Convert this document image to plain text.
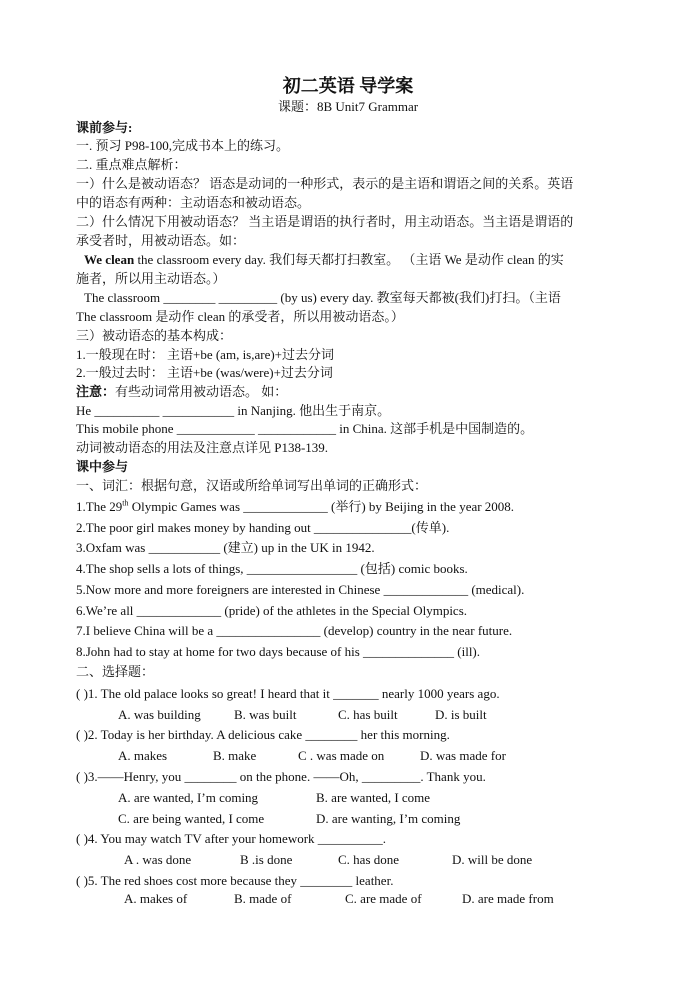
初二英语 导学案
课题：8B Unit7 Grammar
课前参与:
一. 预习 P98-100,完成书本上的练习。
二. 重点难点解析：
一）什么是被动语态？ 语态是动词的一种形式，表示的是主语和谓语之间的关系。英语
中的语态有两种：主动语态和被动语态。
二）什么情况下用被动语态？ 当主语是谓语的执行者时，用主动语态。当主语是谓语的
承受者时，用被动语态。如：
We clean the classroom every day. 我们每天都打扫教室。 （主语 We 是动作 clean 的实
施者，所以用主动语态。）
The classroom ________ _________ (by us) every day. 教室每天都被(我们)打扫。（主语
The classroom 是动作 clean 的承受者，所以用被动语态。）
三）被动语态的基本构成：
1.一般现在时： 主语+be (am, is,are)+过去分词
2.一般过去时： 主语+be (was/were)+过去分词
注意：有些动词常用被动语态。 如：
He __________ ___________ in Nanjing. 他出生于南京。
This mobile phone ____________ ____________ in China. 这部手机是中国制造的。
动词被动语态的用法及注意点详见 P138-139.
课中参与
一、词汇：根据句意，汉语或所给单词写出单词的正确形式：
1.The 29th Olympic Games was _____________ (举行) by Beijing in the year 2008.
2.The poor girl makes money by handing out _______________(传单).
3.Oxfam was ___________ (建立) up in the UK in 1942.
4.The shop sells a lots of things, _________________ (包括) comic books.
5.Now more and more foreigners are interested in Chinese _____________ (medical).
6.We’re all _____________ (pride) of the athletes in the Special Olympics.
7.I believe China will be a ________________ (develop) country in the near future.
8.John had to stay at home for two days because of his ______________ (ill).
二、选择题：
( )1. The old palace looks so great! I heard that it _______ nearly 1000 years ago.
A. was building	B. was built	C. has built	D. is built
( )2. Today is her birthday. A delicious cake ________ her this morning.
A. makes	B. make	C . was made on	D. was made for
( )3.——Henry, you ________ on the phone. ——Oh, _________. Thank you.
A. are wanted, I’m coming	B. are wanted, I come
C. are being wanted, I come	D. are wanting, I’m coming
( )4. You may watch TV after your homework __________.
A . was done	B .is done	C. has done	D. will be done
( )5. The red shoes cost more because they ________ leather.
A. makes of	B. made of	C. are made of	D. are made from
